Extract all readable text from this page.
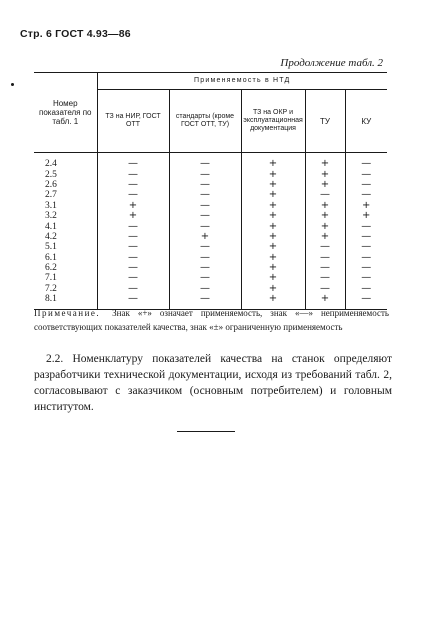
Стр. 6 ГОСТ 4.93—86
Продолжение табл. 2
Номер показателя по табл. 1	Применяемость в НТД				
	ТЗ на НИР, ГОСТ ОТТ	стандарты (кроме ГОСТ ОТТ, ТУ)	ТЗ на ОКР и эксплуатационная документация	ТУ	КУ
2.4	—	—	+	+	—
2.5	—	—	+	+	—
2.6	—	—	+	+	—
2.7	—	—	+	—	—
3.1	+	—	+	+	+
3.2	+	—	+	+	+
4.1	—	—	+	+	—
4.2	—	+	+	+	—
5.1	—	—	+	—	—
6.1	—	—	+	—	—
6.2	—	—	+	—	—
7.1	—	—	+	—	—
7.2	—	—	+	—	—
8.1	—	—	+	+	—
Примечание. Знак «+» означает применяемость, знак «—» неприменяемость соответствующих показателей качества, знак «±» ограниченную применяемость
2.2. Номенклатуру показателей качества на станок определяют разработчики технической документации, исходя из требований табл. 2, согласовывают с заказчиком (основным потребителем) и головным институтом.
